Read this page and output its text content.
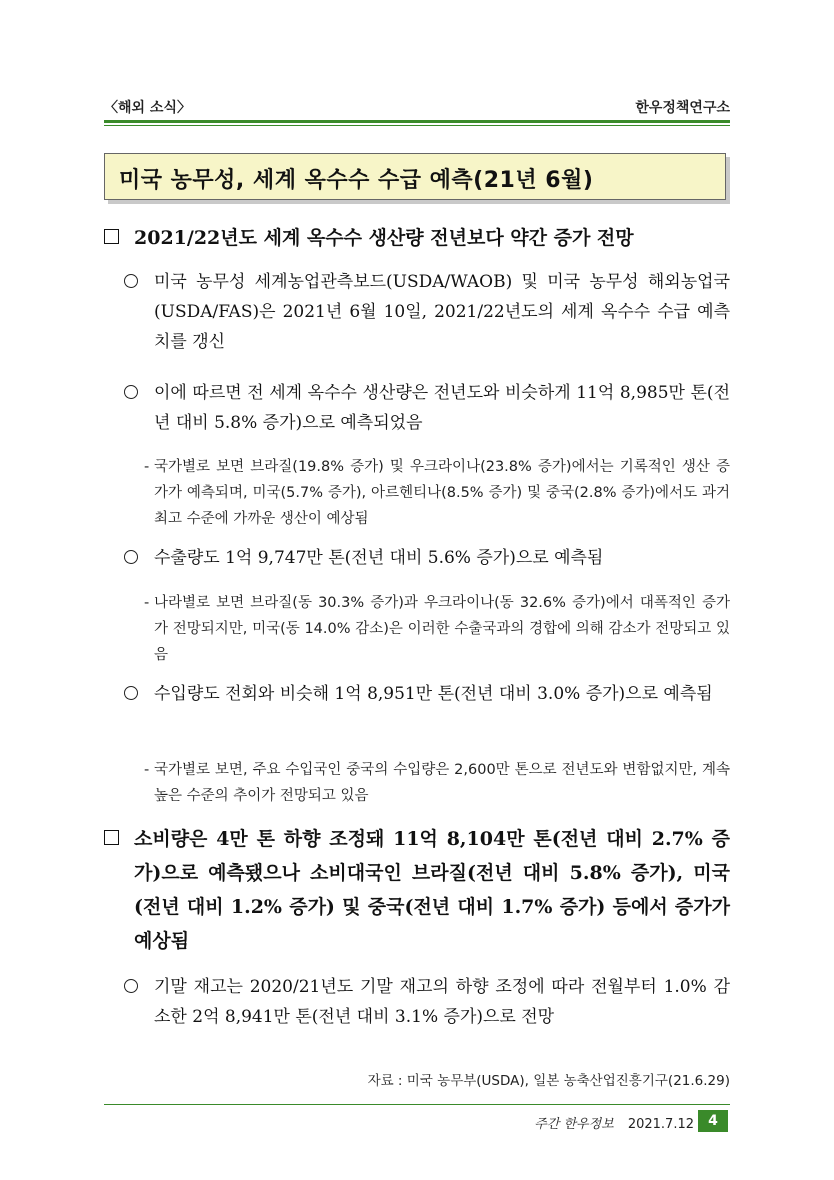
〈해외 소식〉	한우정책연구소
미국 농무성, 세계 옥수수 수급 예측(21년 6월)
2021/22년도 세계 옥수수 생산량 전년보다 약간 증가 전망
미국 농무성 세계농업관측보드(USDA/WAOB) 및 미국 농무성 해외농업국(USDA/FAS)은 2021년 6월 10일, 2021/22년도의 세계 옥수수 수급 예측치를 갱신
이에 따르면 전 세계 옥수수 생산량은 전년도와 비슷하게 11억 8,985만 톤(전년 대비 5.8% 증가)으로 예측되었음
- 국가별로 보면 브라질(19.8% 증가) 및 우크라이나(23.8% 증가)에서는 기록적인 생산 증가가 예측되며, 미국(5.7% 증가), 아르헨티나(8.5% 증가) 및 중국(2.8% 증가)에서도 과거 최고 수준에 가까운 생산이 예상됨
수출량도 1억 9,747만 톤(전년 대비 5.6% 증가)으로 예측됨
- 나라별로 보면 브라질(동 30.3% 증가)과 우크라이나(동 32.6% 증가)에서 대폭적인 증가가 전망되지만, 미국(동 14.0% 감소)은 이러한 수출국과의 경합에 의해 감소가 전망되고 있음
수입량도 전회와 비슷해 1억 8,951만 톤(전년 대비 3.0% 증가)으로 예측됨
- 국가별로 보면, 주요 수입국인 중국의 수입량은 2,600만 톤으로 전년도와 변함없지만, 계속 높은 수준의 추이가 전망되고 있음
소비량은 4만 톤 하향 조정돼 11억 8,104만 톤(전년 대비 2.7% 증가)으로 예측됐으나 소비대국인 브라질(전년 대비 5.8% 증가), 미국(전년 대비 1.2% 증가) 및 중국(전년 대비 1.7% 증가) 등에서 증가가 예상됨
기말 재고는 2020/21년도 기말 재고의 하향 조정에 따라 전월부터 1.0% 감소한 2억 8,941만 톤(전년 대비 3.1% 증가)으로 전망
자료 : 미국 농무부(USDA), 일본 농축산업진흥기구(21.6.29)
주간 한우정보 2021.7.12	4
